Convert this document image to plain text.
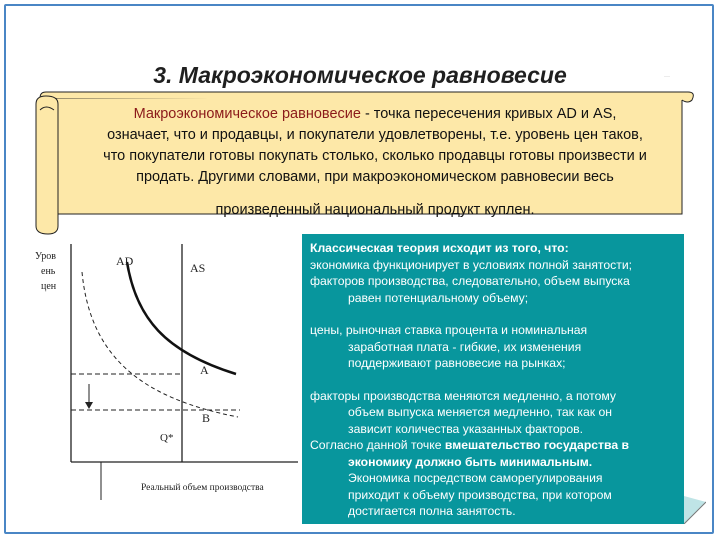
3. Макроэкономическое равновесие	···
Макроэкономическое равновесие - точка пересечения кривых AD и AS,
означает, что и продавцы, и покупатели удовлетворены, т.е. уровень цен таков,
что покупатели готовы покупать столько, сколько продавцы готовы произвести и
продать. Другими словами, при макроэкономическом равновесии весь
произведенный национальный продукт куплен.
Уров
ень
цен
AD	AS
A
B
Q*
Реальный объем производства

Классическая теория исходит из того, что:

экономика функционирует в условиях полной занятости;

факторов производства, следовательно, объем выпуска

равен потенциальному объему;

цены, рыночная ставка процента и номинальная

заработная плата - гибкие, их изменения

поддерживают равновесие на рынках;

факторы производства меняются медленно, а потому

объем выпуска меняется медленно, так как он

зависит количества указанных факторов.

Согласно данной точке вмешательство государства в

экономику должно быть минимальным.

Экономика посредством саморегулирования

приходит к объему производства, при котором

достигается полна занятость.
